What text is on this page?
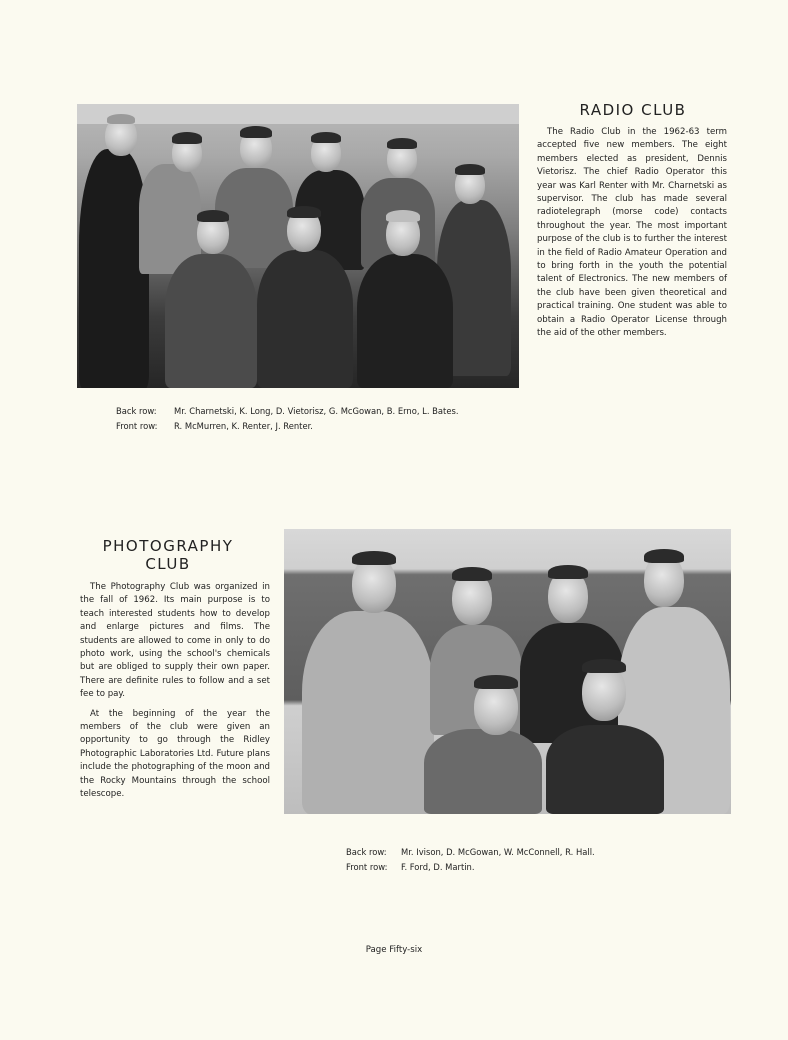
RADIO CLUB

The Radio Club in the 1962-63 term accepted five new members. The eight members elected as president, Dennis Vietorisz. The chief Radio Operator this year was Karl Renter with Mr. Charnetski as supervisor. The club has made several radiotelegraph (morse code) contacts throughout the year. The most important purpose of the club is to further the interest in the field of Radio Amateur Operation and to bring forth in the youth the potential talent of Electronics. The new members of the club have been given theoretical and practical training. One student was able to obtain a Radio Operator License through the aid of the other members.

Back row: Mr. Charnetski, K. Long, D. Vietorisz, G. McGowan, B. Erno, L. Bates.
Front row: R. McMurren, K. Renter, J. Renter.
PHOTOGRAPHY
CLUB

The Photography Club was organized in the fall of 1962. Its main purpose is to teach interested students how to develop and enlarge pictures and films. The students are allowed to come in only to do photo work, using the school's chemicals but are obliged to supply their own paper. There are definite rules to follow and a set fee to pay.

At the beginning of the year the members of the club were given an opportunity to go through the Ridley Photographic Laboratories Ltd. Future plans include the photographing of the moon and the Rocky Mountains through the school telescope.

Back row: Mr. Ivison, D. McGowan, W. McConnell, R. Hall.
Front row: F. Ford, D. Martin.
Page Fifty-six
